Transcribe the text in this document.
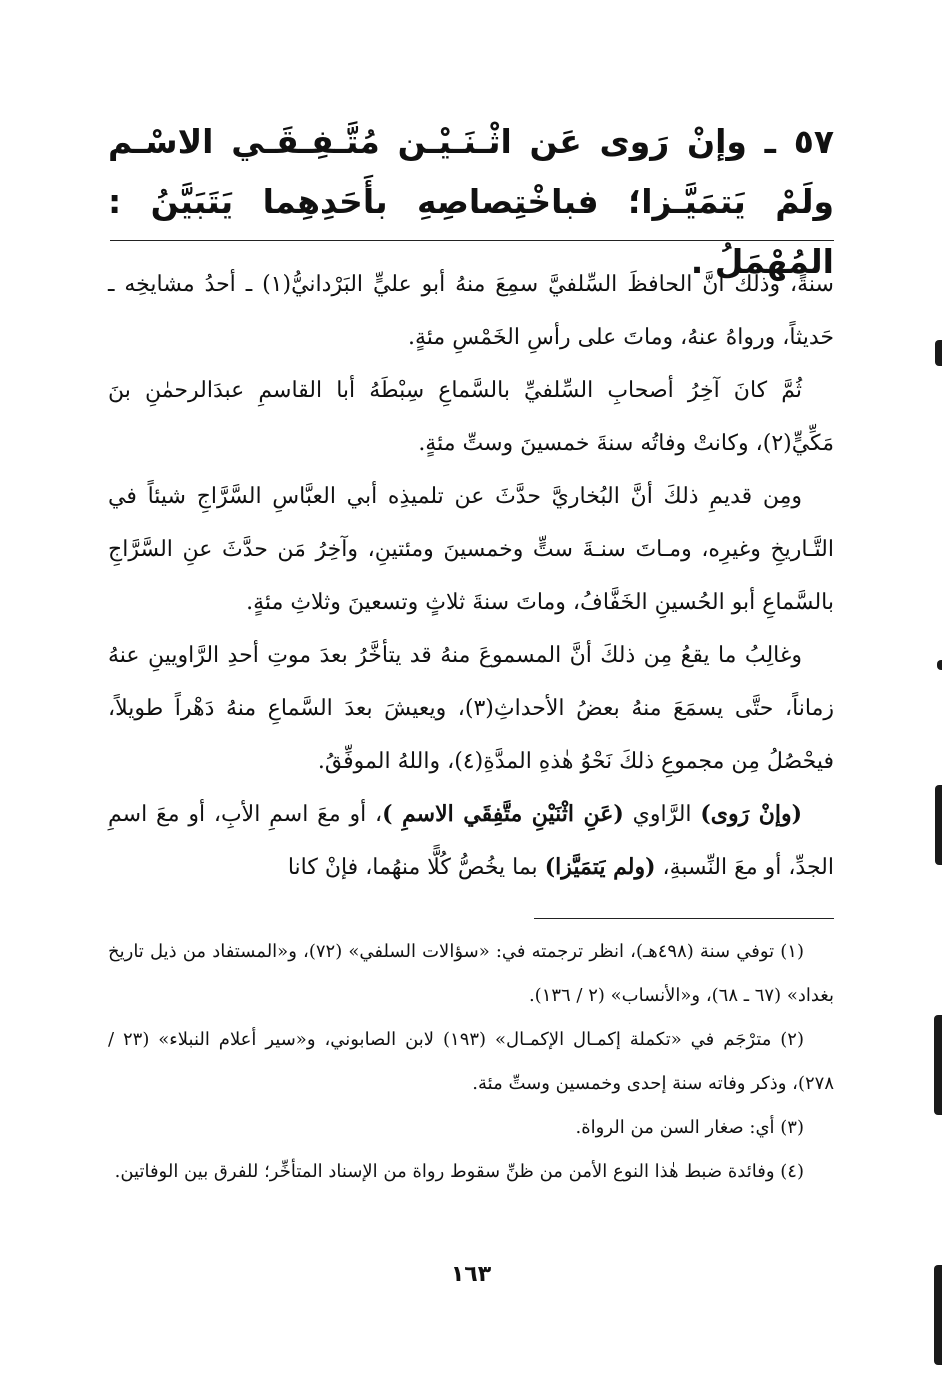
٥٧ ـ وإنْ رَوى عَن اثْـنَـيْـن مُتَّـفِـقَـي الاسْـم ولَمْ يَتمَيَّـزا؛ فباخْتِصاصِهِ بأَحَدِهِما يَتَبَيَّنُ : المُهْمَلُ .

سنةً، وذلك أنَّ الحافظَ السِّلفيَّ سمِعَ منهُ أبو عليٍّ البَرْدانيُّ(١) ـ أحدُ مشايخِه ـ حَديثاً، ورواهُ عنهُ، وماتَ على رأسِ الخَمْسِ مئةٍ.

ثُمَّ كانَ آخِرُ أصحابِ السِّلفيِّ بالسَّماعِ سِبْطَهُ أبا القاسمِ عبدَالرحمٰنِ بنَ مَكِّيٍّ(٢)، وكانتْ وفاتُه سنةَ خمسينَ وستِّ مئةٍ.

ومِن قديمِ ذلكَ أنَّ البُخاريَّ حدَّثَ عن تلميذِه أبي العبَّاسِ السَّرَّاجِ شيئاً في التَّـاريخِ وغيرِه، ومـاتَ سنـةَ ستٍّ وخمسينَ ومئتينِ، وآخِرُ مَن حدَّثَ عنِ السَّرَّاجِ بالسَّماعِ أبو الحُسينِ الخَفَّافُ، وماتَ سنةَ ثلاثٍ وتسعينَ وثلاثِ مئةٍ.

وغالِبُ ما يقعُ مِن ذلكَ أنَّ المسموعَ منهُ قد يتأخَّرُ بعدَ موتِ أحدِ الرَّاويينِ عنهُ زماناً، حتَّى يسمَعَ منهُ بعضُ الأحداثِ(٣)، ويعيشَ بعدَ السَّماعِ منهُ دَهْراً طويلاً، فيحْصُلُ مِن مجموعِ ذلكَ نَحْوُ هٰذهِ المدَّةِ(٤)، واللهُ الموفِّقُ.

(وإنْ رَوى) الرَّاوي (عَنِ اثْنَيْنِ متَّفِقَي الاسمِ )، أو معَ اسمِ الأبِ، أو معَ اسمِ الجدِّ، أو معَ النِّسبةِ، (ولم يَتمَيَّزا) بما يخُصُّ كُلًّا منهُما، فإنْ كانا

(١) توفي سنة (٤٩٨هـ)، انظر ترجمته في: «سؤالات السلفي» (٧٢)، و«المستفاد من ذيل تاريخ بغداد» (٦٧ ـ ٦٨)، و«الأنساب» (٢ / ١٣٦).

(٢) مترْجَم في «تكملة إكمـال الإكمـال» (١٩٣) لابن الصابوني، و«سير أعلام النبلاء» (٢٣ / ٢٧٨)، وذكر وفاته سنة إحدى وخمسين وستِّ مئة.

(٣) أي: صغار السن من الرواة.

(٤) وفائدة ضبط هٰذا النوع الأمن من ظنِّ سقوط رواة من الإسناد المتأخِّر؛ للفرق بين الوفاتين.

١٦٣
